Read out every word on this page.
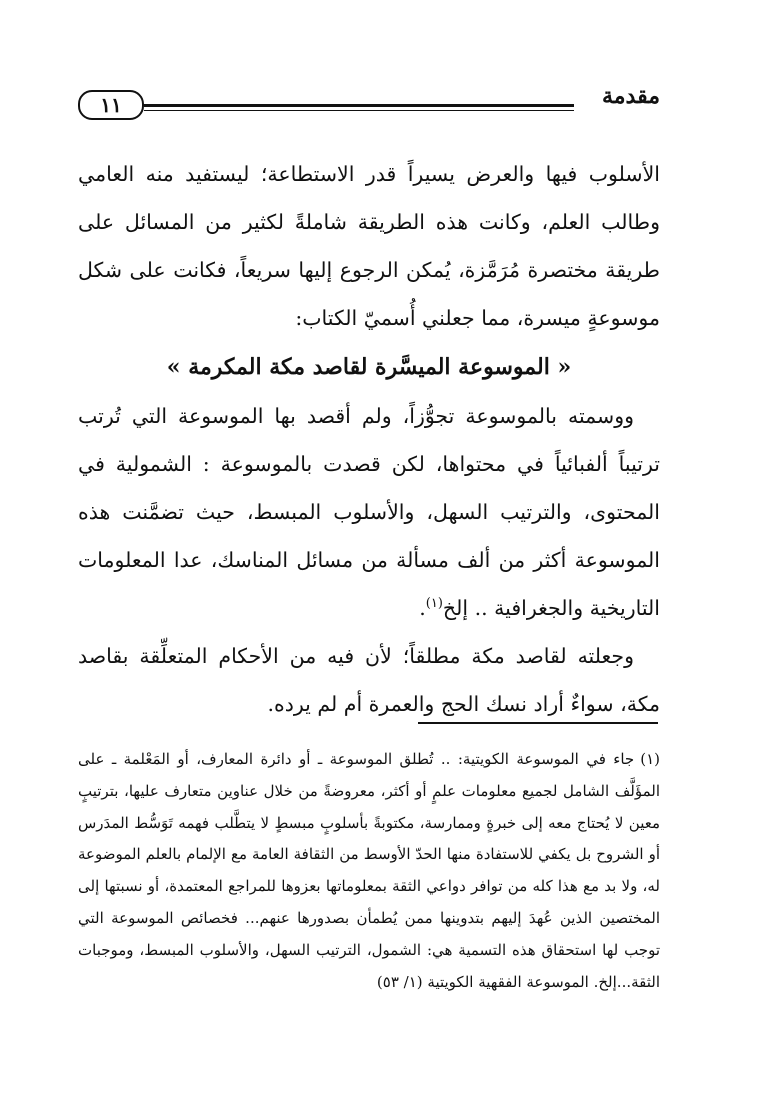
مقدمة
١١

الأسلوب فيها والعرض يسيراً قدر الاستطاعة؛ ليستفيد منه العامي وطالب العلم، وكانت هذه الطريقة شاملةً لكثير من المسائل على طريقة مختصرة مُرَمَّزة، يُمكن الرجوع إليها سريعاً، فكانت على شكل موسوعةٍ ميسرة، مما جعلني أُسميّ الكتاب:

« الموسوعة الميسَّرة لقاصد مكة المكرمة »

ووسمته بالموسوعة تجوُّزاً، ولم أقصد بها الموسوعة التي تُرتب ترتيباً ألفبائياً في محتواها، لكن قصدت بالموسوعة : الشمولية في المحتوى، والترتيب السهل، والأسلوب المبسط، حيث تضمَّنت هذه الموسوعة أكثر من ألف مسألة من مسائل المناسك، عدا المعلومات التاريخية والجغرافية .. إلخ$^{(١)}$.

وجعلته لقاصد مكة مطلقاً؛ لأن فيه من الأحكام المتعلِّقة بقاصد مكة، سواءٌ أراد نسك الحج والعمرة أم لم يرده.

(١)جاء في الموسوعة الكويتية: .. تُطلق الموسوعة ـ أو دائرة المعارف، أو المَعْلمة ـ على المؤَلَّف الشامل لجميع معلومات علمٍ أو أكثر، معروضةً من خلال عناوين متعارف عليها، بترتيبٍ معين لا يُحتاج معه إلى خبرةٍ وممارسة، مكتوبةً بأسلوبٍ مبسطٍ لا يتطَّلب فهمه تَوَسُّط المدَرس أو الشروح بل يكفي للاستفادة منها الحدّ الأوسط من الثقافة العامة مع الإلمام بالعلم الموضوعة له، ولا بد مع هذا كله من توافر دواعي الثقة بمعلوماتها بعزوها للمراجع المعتمدة، أو نسبتها إلى المختصين الذين عُهدَ إليهم بتدوينها ممن يُطمأن بصدورها عنهم... فخصائص الموسوعة التي توجب لها استحقاق هذه التسمية هي: الشمول، الترتيب السهل، والأسلوب المبسط، وموجبات الثقة...إلخ. الموسوعة الفقهية الكويتية (١/ ٥٣)
